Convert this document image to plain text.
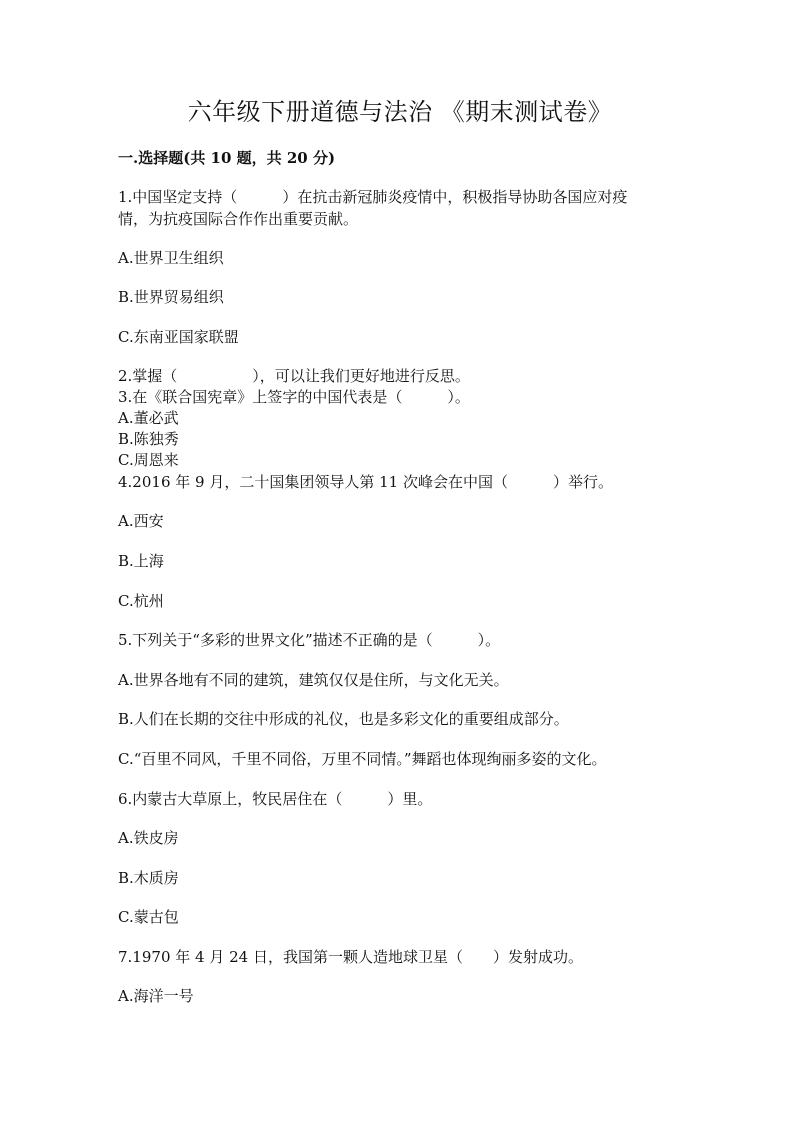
六年级下册道德与法治 《期末测试卷》
一.选择题(共 10 题，共 20 分)
1.中国坚定支持（　　　）在抗击新冠肺炎疫情中，积极指导协助各国应对疫
情，为抗疫国际合作作出重要贡献。
A.世界卫生组织
B.世界贸易组织
C.东南亚国家联盟
2.掌握（　　　　　），可以让我们更好地进行反思。
3.在《联合国宪章》上签字的中国代表是（　　　）。
A.董必武
B.陈独秀
C.周恩来
4.2016 年 9 月，二十国集团领导人第 11 次峰会在中国（　　　）举行。
A.西安
B.上海
C.杭州
5.下列关于“多彩的世界文化”描述不正确的是（　　　）。
A.世界各地有不同的建筑，建筑仅仅是住所，与文化无关。
B.人们在长期的交往中形成的礼仪，也是多彩文化的重要组成部分。
C.“百里不同风，千里不同俗，万里不同情。”舞蹈也体现绚丽多姿的文化。
6.内蒙古大草原上，牧民居住在（　　　）里。
A.铁皮房
B.木质房
C.蒙古包
7.1970 年 4 月 24 日，我国第一颗人造地球卫星（　　）发射成功。
A.海洋一号
